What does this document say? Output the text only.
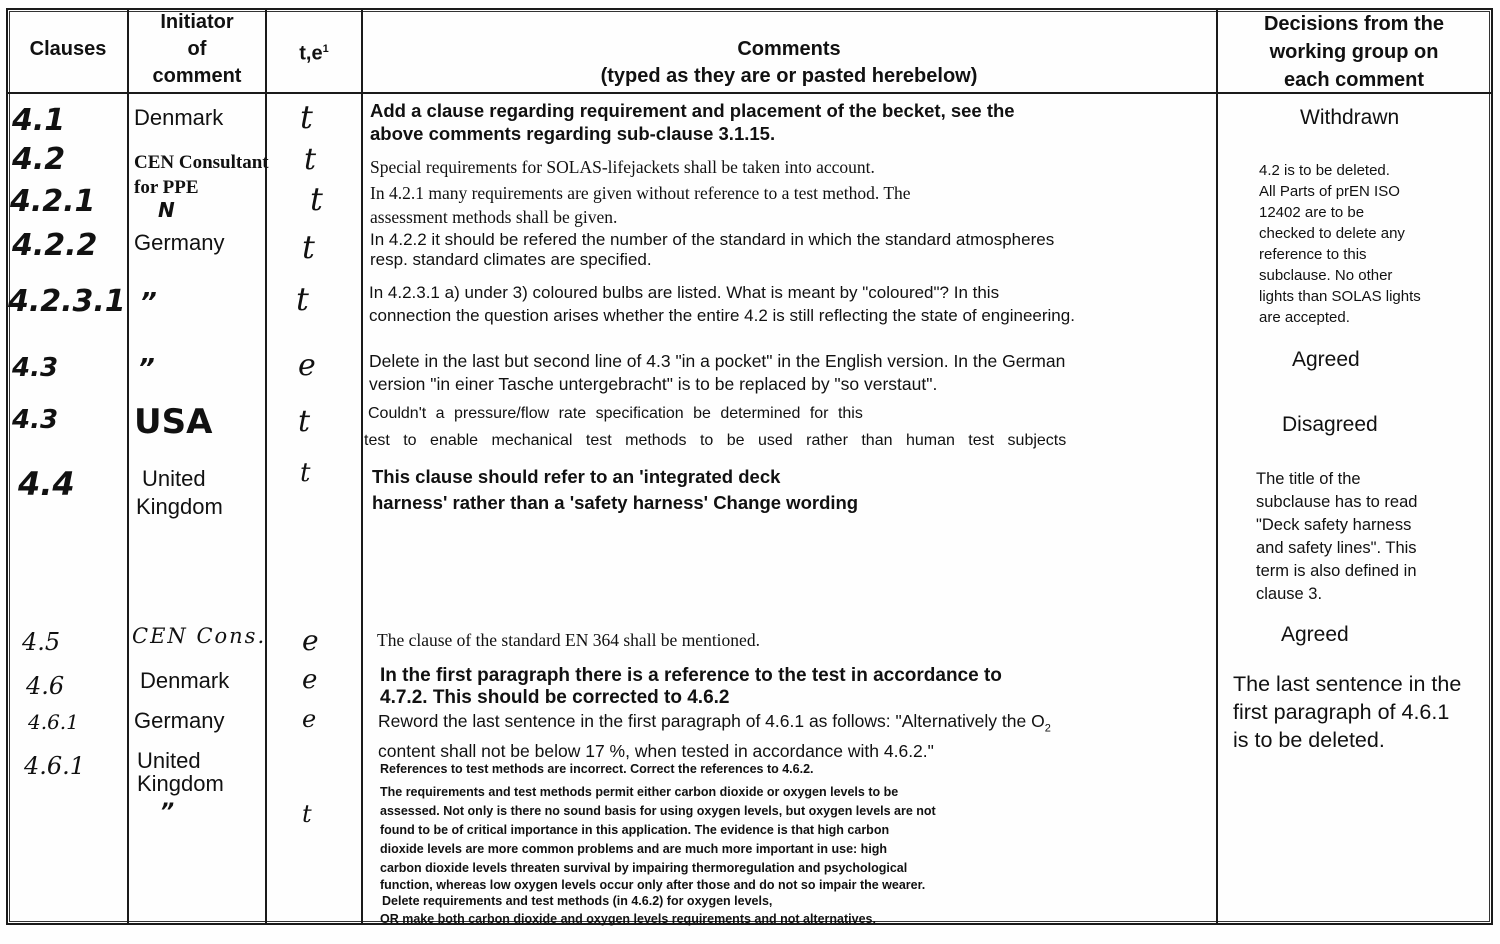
Clauses
Initiator
of
comment
$t,e^1$	Comments
(typed as they are or pasted herebelow)
Decisions from the
working group on
each comment
4.1
4.2
4.2.1
4.2.2
4.2.3.1
4.3
4.3
4.4
4.5
4.6
4.6.1
4.6.1
Denmark
CEN Consultant
for PPE
N
Germany
”
”
USA
United
Kingdom
CEN Cons.
Denmark
Germany
United
Kingdom
”
t
t
t
t
t
e
t
t
e
e
e
t
Add a clause regarding requirement and placement of the becket, see the
above comments regarding sub-clause 3.1.15.
Special requirements for SOLAS-lifejackets shall be taken into account.
In 4.2.1 many requirements are given without reference to a test method. The
assessment methods shall be given.
In 4.2.2 it should be refered the number of the standard in which the standard atmospheres
resp. standard climates are specified.
In 4.2.3.1 a) under 3) coloured bulbs are listed. What is meant by "coloured"? In this
connection the question arises whether the entire 4.2 is still reflecting the state of engineering.
Delete in the last but second line of 4.3 "in a pocket" in the English version. In the German
version "in einer Tasche untergebracht" is to be replaced by "so verstaut".
Couldn't a pressure/flow rate specification be determined for this
test to enable mechanical test methods to be used rather than human test subjects
This clause should refer to an 'integrated deck
harness' rather than a 'safety harness' Change wording
The clause of the standard EN 364 shall be mentioned.
In the first paragraph there is a reference to the test in accordance to
4.7.2. This should be corrected to 4.6.2
Reword the last sentence in the first paragraph of 4.6.1 as follows: "Alternatively the $O_2$
content shall not be below 17 %, when tested in accordance with 4.6.2."
References to test methods are incorrect. Correct the references to 4.6.2.
The requirements and test methods permit either carbon dioxide or oxygen levels to be
assessed. Not only is there no sound basis for using oxygen levels, but oxygen levels are not
found to be of critical importance in this application. The evidence is that high carbon
dioxide levels are more common problems and are much more important in use: high
carbon dioxide levels threaten survival by impairing thermoregulation and psychological
function, whereas low oxygen levels occur only after those and do not so impair the wearer.
Delete requirements and test methods (in 4.6.2) for oxygen levels,
OR make both carbon dioxide and oxygen levels requirements and not alternatives.
Withdrawn
4.2 is to be deleted.
All Parts of prEN ISO
12402 are to be
checked to delete any
reference to this
subclause. No other
lights than SOLAS lights
are accepted.
Agreed
Disagreed
The title of the
subclause has to read
"Deck safety harness
and safety lines". This
term is also defined in
clause 3.
Agreed
The last sentence in the
first paragraph of 4.6.1
is to be deleted.
